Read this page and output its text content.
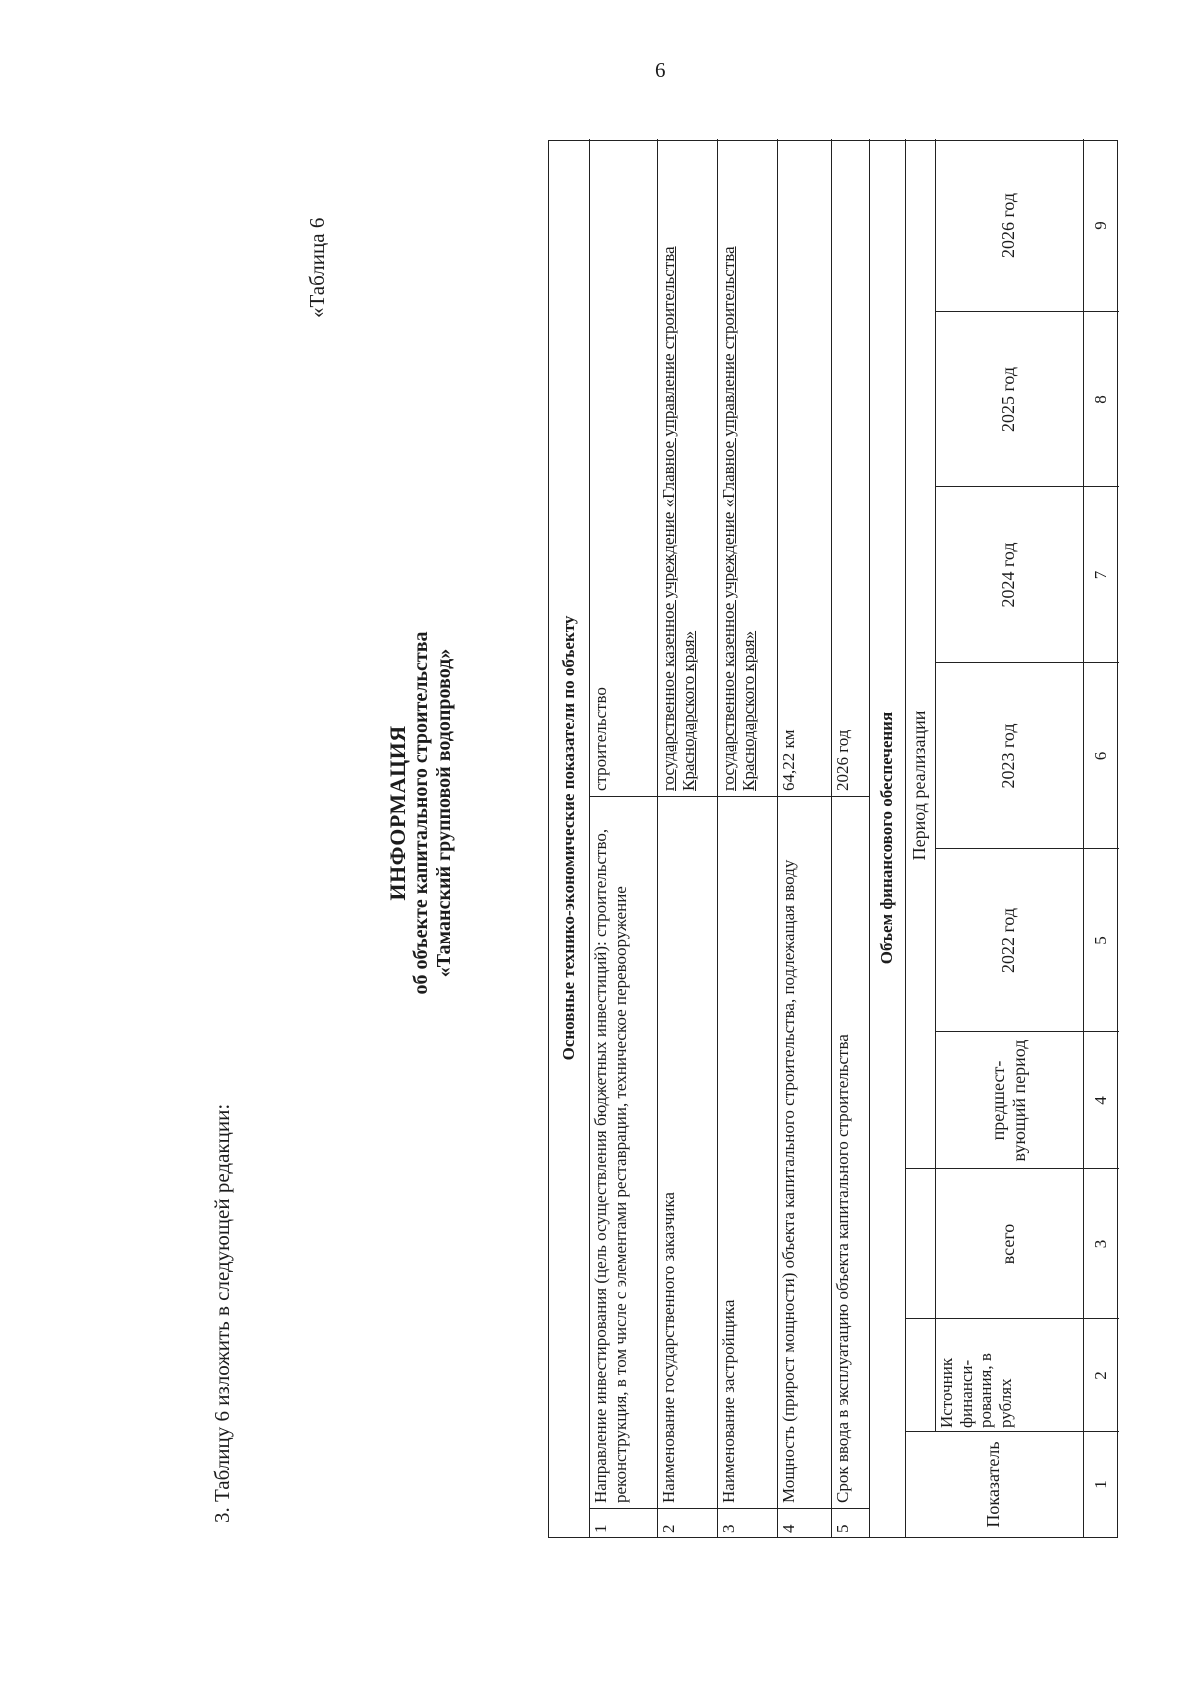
6
3. Таблицу 6 изложить в следующей редакции:
«Таблица 6
ИНФОРМАЦИЯ об объекте капитального строительства «Таманский групповой водопровод»	Основные технико-экономические показатели по объекту
1
Направление инвестирования (цель осуществления бюджетных инвестиций): строительство, реконструкция, в том числе с элементами реставрации, техническое перевооружение
строительство
2
Наименование государственного заказчика
государственное казенное учреждение «Главное управление строительства Краснодарского края»
3
Наименование застройщика
государственное казенное учреждение «Главное управление строительства Краснодарского края»
4
Мощность (прирост мощности) объекта капитального строительства, подлежащая вводу
64,22 км
5
Срок ввода в эксплуатацию объекта капитального строительства
2026 год	Объем финансового обеспечения Период реализации
Показатель
Источник финанси-рования, в рублях
всего
предшест-вующий период
2022 год
2023 год
2024 год
2025 год
2026 год
1
2
3
4
5
6
7
8
9
